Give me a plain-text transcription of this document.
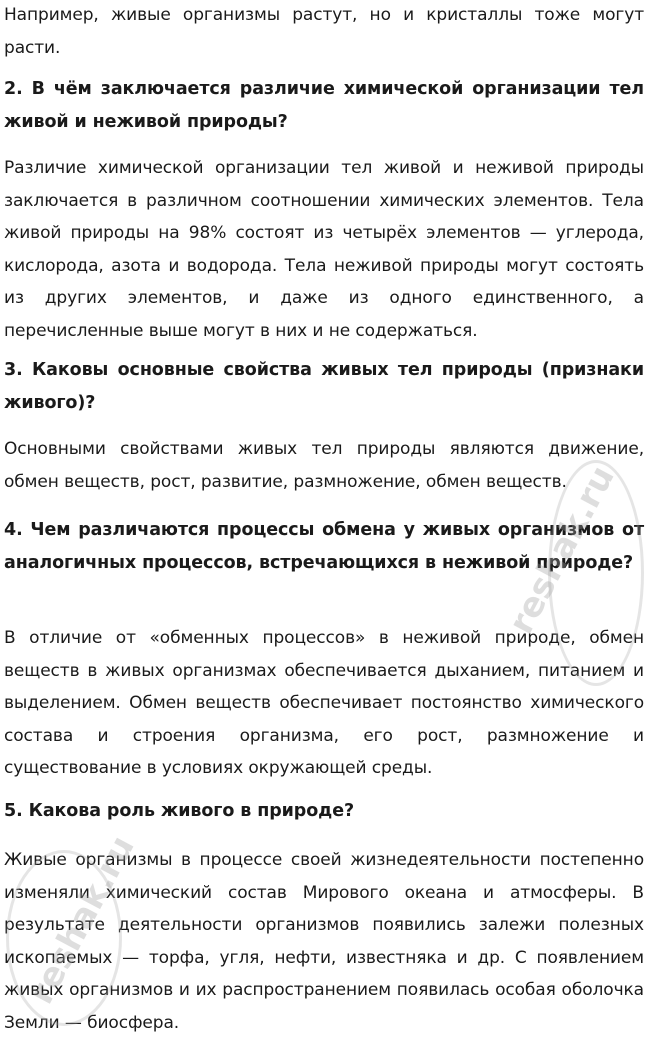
Например, живые организмы растут, но и кристаллы тоже могут расти.

2. В чём заключается различие химической организации тел живой и неживой природы?

Различие химической организации тел живой и неживой природы заключается в различном соотношении химических элементов. Тела живой природы на 98% состоят из четырёх элементов — углерода, кислорода, азота и водорода. Тела неживой природы могут состоять из других элементов, и даже из одного единственного, а перечисленные выше могут в них и не содержаться.

3. Каковы основные свойства живых тел природы (признаки живого)?

Основными свойствами живых тел природы являются движение, обмен веществ, рост, развитие, размножение, обмен веществ.

4. Чем различаются процессы обмена у живых организмов от аналогичных процессов, встречающихся в неживой природе?

В отличие от «обменных процессов» в неживой природе, обмен веществ в живых организмах обеспечивается дыханием, питанием и выделением. Обмен веществ обеспечивает постоянство химического состава и строения организма, его рост, размножение и существование в условиях окружающей среды.

5. Какова роль живого в природе?

Живые организмы в процессе своей жизнедеятельности постепенно изменяли химический состав Мирового океана и атмосферы. В результате деятельности организмов появились залежи полезных ископаемых — торфа, угля, нефти, известняка и др. С появлением живых организмов и их распространением появилась особая оболочка Земли — биосфера.

reshak.ru
reshak.ru
